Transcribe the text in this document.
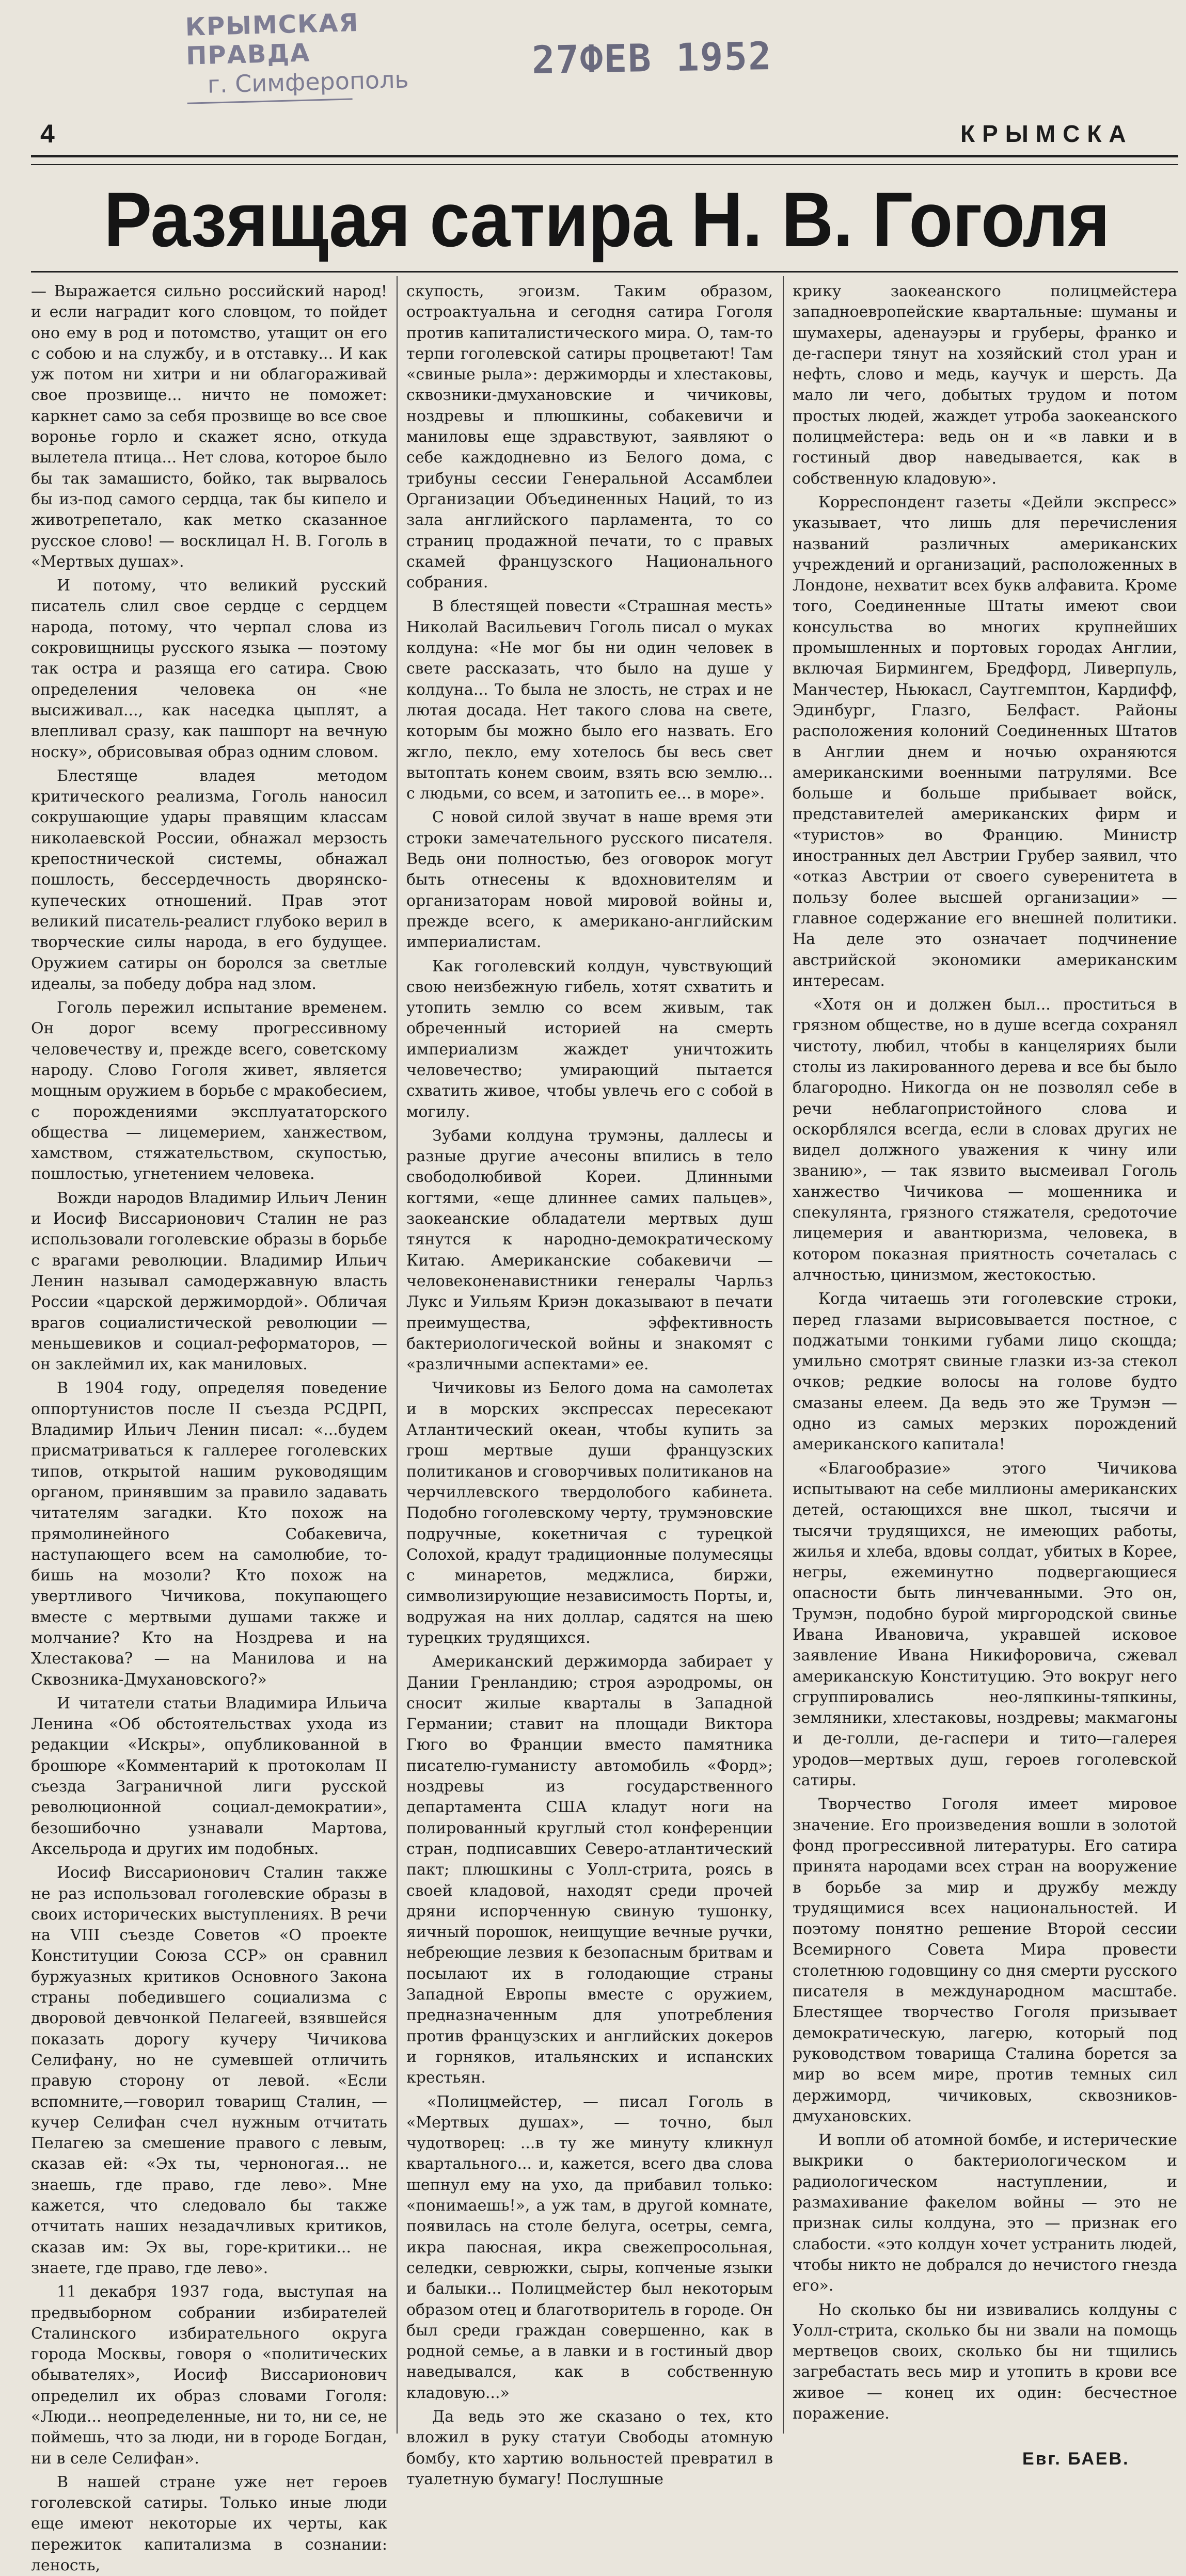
КРЫМСКАЯ ПРАВДА
г. Симферополь	27ФЕВ 1952
4	КРЫМСКА
Разящая сатира Н. В. Гоголя

— Выражается сильно российский народ! и если наградит кого словцом, то пойдет оно ему в род и потомство, утащит он его с собою и на службу, и в отставку... И как уж потом ни хитри и ни облагораживай свое прозвище... ничто не поможет: каркнет само за себя прозвище во все свое воронье горло и скажет ясно, откуда вылетела птица... Нет слова, которое было бы так замашисто, бойко, так вырвалось бы из-под самого сердца, так бы кипело и животрепетало, как метко сказанное русское слово! — восклицал Н. В. Гоголь в «Мертвых душах».

И потому, что великий русский писатель слил свое сердце с сердцем народа, потому, что черпал слова из сокровищницы русского языка — поэтому так остра и разяща его сатира. Свою определения человека он «не высиживал..., как наседка цыплят, а влепливал сразу, как пашпорт на вечную носку», обрисовывая образ одним словом.

Блестяще владея методом критического реализма, Гоголь наносил сокрушающие удары правящим классам николаевской России, обнажал мерзость крепостнической системы, обнажал пошлость, бессердечность дворянско-купеческих отношений. Прав этот великий писатель-реалист глубоко верил в творческие силы народа, в его будущее. Оружием сатиры он боролся за светлые идеалы, за победу добра над злом.

Гоголь пережил испытание временем. Он дорог всему прогрессивному человечеству и, прежде всего, советскому народу. Слово Гоголя живет, является мощным оружием в борьбе с мракобесием, с порождениями эксплуататорского общества — лицемерием, ханжеством, хамством, стяжательством, скупостью, пошлостью, угнетением человека.

Вожди народов Владимир Ильич Ленин и Иосиф Виссарионович Сталин не раз использовали гоголевские образы в борьбе с врагами революции. Владимир Ильич Ленин называл самодержавную власть России «царской держимордой». Обличая врагов социалистической революции — меньшевиков и социал-реформаторов, — он заклеймил их, как маниловых.

В 1904 году, определяя поведение оппортунистов после II съезда РСДРП, Владимир Ильич Ленин писал: «...будем присматриваться к галлерее гоголевских типов, открытой нашим руководящим органом, принявшим за правило задавать читателям загадки. Кто похож на прямолинейного Собакевича, наступающего всем на самолюбие, то-бишь на мозоли? Кто похож на увертливого Чичикова, покупающего вместе с мертвыми душами также и молчание? Кто на Ноздрева и на Хлестакова? — на Манилова и на Сквозника-Дмухановского?»

И читатели статьи Владимира Ильича Ленина «Об обстоятельствах ухода из редакции «Искры», опубликованной в брошюре «Комментарий к протоколам II съезда Заграничной лиги русской революционной социал-демократии», безошибочно узнавали Мартова, Аксельрода и других им подобных.

Иосиф Виссарионович Сталин также не раз использовал гоголевские образы в своих исторических выступлениях. В речи на VIII съезде Советов «О проекте Конституции Союза ССР» он сравнил буржуазных критиков Основного Закона страны победившего социализма с дворовой девчонкой Пелагеей, взявшейся показать дорогу кучеру Чичикова Селифану, но не сумевшей отличить правую сторону от левой. «Если вспомните,—говорил товарищ Сталин, — кучер Селифан счел нужным отчитать Пелагею за смешение правого с левым, сказав ей: «Эх ты, черноногая... не знаешь, где право, где лево». Мне кажется, что следовало бы также отчитать наших незадачливых критиков, сказав им: Эх вы, горе-критики... не знаете, где право, где лево».

11 декабря 1937 года, выступая на предвыборном собрании избирателей Сталинского избирательного округа города Москвы, говоря о «политических обывателях», Иосиф Виссарионович определил их образ словами Гоголя: «Люди... неопределенные, ни то, ни се, не поймешь, что за люди, ни в городе Богдан, ни в селе Селифан».

В нашей стране уже нет героев гоголевской сатиры. Только иные люди еще имеют некоторые их черты, как пережиток капитализма в сознании: леность,

скупость, эгоизм. Таким образом, остроактуальна и сегодня сатира Гоголя против капиталистического мира. О, там-то терпи гоголевской сатиры процветают! Там «свиные рыла»: держиморды и хлестаковы, сквозники-дмухановские и чичиковы, ноздревы и плюшкины, собакевичи и маниловы еще здравствуют, заявляют о себе каждодневно из Белого дома, с трибуны сессии Генеральной Ассамблеи Организации Объединенных Наций, то из зала английского парламента, то со страниц продажной печати, то с правых скамей французского Национального собрания.

В блестящей повести «Страшная месть» Николай Васильевич Гоголь писал о муках колдуна: «Не мог бы ни один человек в свете рассказать, что было на душе у колдуна... То была не злость, не страх и не лютая досада. Нет такого слова на свете, которым бы можно было его назвать. Его жгло, пекло, ему хотелось бы весь свет вытоптать конем своим, взять всю землю... с людьми, со всем, и затопить ее... в море».

С новой силой звучат в наше время эти строки замечательного русского писателя. Ведь они полностью, без оговорок могут быть отнесены к вдохновителям и организаторам новой мировой войны и, прежде всего, к американо-английским империалистам.

Как гоголевский колдун, чувствующий свою неизбежную гибель, хотят схватить и утопить землю со всем живым, так обреченный историей на смерть империализм жаждет уничтожить человечество; умирающий пытается схватить живое, чтобы увлечь его с собой в могилу.

Зубами колдуна трумэны, даллесы и разные другие ачесоны впились в тело свободолюбивой Кореи. Длинными когтями, «еще длиннее самих пальцев», заокеанские обладатели мертвых душ тянутся к народно-демократическому Китаю. Американские собакевичи — человеконенавистники генералы Чарльз Лукс и Уильям Криэн доказывают в печати преимущества, эффективность бактериологической войны и знакомят с «различными аспектами» ее.

Чичиковы из Белого дома на самолетах и в морских экспрессах пересекают Атлантический океан, чтобы купить за грош мертвые души французских политиканов и сговорчивых политиканов на черчиллевского твердолобого кабинета. Подобно гоголевскому черту, трумэновские подручные, кокетничая с турецкой Солохой, крадут традиционные полумесяцы с минаретов, меджлиса, биржи, символизирующие независимость Порты, и, водружая на них доллар, садятся на шею турецких трудящихся.

Американский держиморда забирает у Дании Гренландию; строя аэродромы, он сносит жилые кварталы в Западной Германии; ставит на площади Виктора Гюго во Франции вместо памятника писателю-гуманисту автомобиль «Форд»; ноздревы из государственного департамента США кладут ноги на полированный круглый стол конференции стран, подписавших Северо-атлантический пакт; плюшкины с Уолл-стрита, роясь в своей кладовой, находят среди прочей дряни испорченную свиную тушонку, яичный порошок, неищущие вечные ручки, небреющие лезвия к безопасным бритвам и посылают их в голодающие страны Западной Европы вместе с оружием, предназначенным для употребления против французских и английских докеров и горняков, итальянских и испанских крестьян.

«Полицмейстер, — писал Гоголь в «Мертвых душах», — точно, был чудотворец: ...в ту же минуту кликнул квартального... и, кажется, всего два слова шепнул ему на ухо, да прибавил только: «понимаешь!», а уж там, в другой комнате, появилась на столе белуга, осетры, семга, икра паюсная, икра свежепросольная, селедки, севрюжки, сыры, копченые языки и балыки... Полицмейстер был некоторым образом отец и благотворитель в городе. Он был среди граждан совершенно, как в родной семье, а в лавки и в гостиный двор наведывался, как в собственную кладовую...»

Да ведь это же сказано о тех, кто вложил в руку статуи Свободы атомную бомбу, кто хартию вольностей превратил в туалетную бумагу! Послушные

крику заокеанского полицмейстера западноевропейские квартальные: шуманы и шумахеры, аденауэры и груберы, франко и де-гаспери тянут на хозяйский стол уран и нефть, слово и медь, каучук и шерсть. Да мало ли чего, добытых трудом и потом простых людей, жаждет утроба заокеанского полицмейстера: ведь он и «в лавки и в гостиный двор наведывается, как в собственную кладовую».

Корреспондент газеты «Дейли экспресс» указывает, что лишь для перечисления названий различных американских учреждений и организаций, расположенных в Лондоне, нехватит всех букв алфавита. Кроме того, Соединенные Штаты имеют свои консульства во многих крупнейших промышленных и портовых городах Англии, включая Бирмингем, Бредфорд, Ливерпуль, Манчестер, Ньюкасл, Саутгемптон, Кардифф, Эдинбург, Глазго, Белфаст. Районы расположения колоний Соединенных Штатов в Англии днем и ночью охраняются американскими военными патрулями. Все больше и больше прибывает войск, представителей американских фирм и «туристов» во Францию. Министр иностранных дел Австрии Грубер заявил, что «отказ Австрии от своего суверенитета в пользу более высшей организации» — главное содержание его внешней политики. На деле это означает подчинение австрийской экономики американским интересам.

«Хотя он и должен был... проститься в грязном обществе, но в душе всегда сохранял чистоту, любил, чтобы в канцеляриях были столы из лакированного дерева и все бы было благородно. Никогда он не позволял себе в речи неблагопристойного слова и оскорблялся всегда, если в словах других не видел должного уважения к чину или званию», — так язвито высмеивал Гоголь ханжество Чичикова — мошенника и спекулянта, грязного стяжателя, средоточие лицемерия и авантюризма, человека, в котором показная приятность сочеталась с алчностью, цинизмом, жестокостью.

Когда читаешь эти гоголевские строки, перед глазами вырисовывается постное, с поджатыми тонкими губами лицо скощда; умильно смотрят свиные глазки из-за стекол очков; редкие волосы на голове будто смазаны елеем. Да ведь это же Трумэн — одно из самых мерзких порождений американского капитала!

«Благообразие» этого Чичикова испытывают на себе миллионы американских детей, остающихся вне школ, тысячи и тысячи трудящихся, не имеющих работы, жилья и хлеба, вдовы солдат, убитых в Корее, негры, ежеминутно подвергающиеся опасности быть линчеванными. Это он, Трумэн, подобно бурой миргородской свинье Ивана Ивановича, укравшей исковое заявление Ивана Никифоровича, сжевал американскую Конституцию. Это вокруг него сгруппировались нео-ляпкины-тяпкины, земляники, хлестаковы, ноздревы; макмагоны и де-голли, де-гаспери и тито—галерея уродов—мертвых душ, героев гоголевской сатиры.

Творчество Гоголя имеет мировое значение. Его произведения вошли в золотой фонд прогрессивной литературы. Его сатира принята народами всех стран на вооружение в борьбе за мир и дружбу между трудящимися всех национальностей. И поэтому понятно решение Второй сессии Всемирного Совета Мира провести столетнюю годовщину со дня смерти русского писателя в международном масштабе. Блестящее творчество Гоголя призывает демократическую, лагерю, который под руководством товарища Сталина борется за мир во всем мире, против темных сил держиморд, чичиковых, сквозников-дмухановских.

И вопли об атомной бомбе, и истерические выкрики о бактериологическом и радиологическом наступлении, и размахивание факелом войны — это не признак силы колдуна, это — признак его слабости. «это колдун хочет устранить людей, чтобы никто не добрался до нечистого гнезда его».

Но сколько бы ни извивались колдуны с Уолл-стрита, сколько бы ни звали на помощь мертвецов своих, сколько бы ни тщились загребастать весь мир и утопить в крови все живое — конец их один: бесчестное поражение.

Евг. БАЕВ.
